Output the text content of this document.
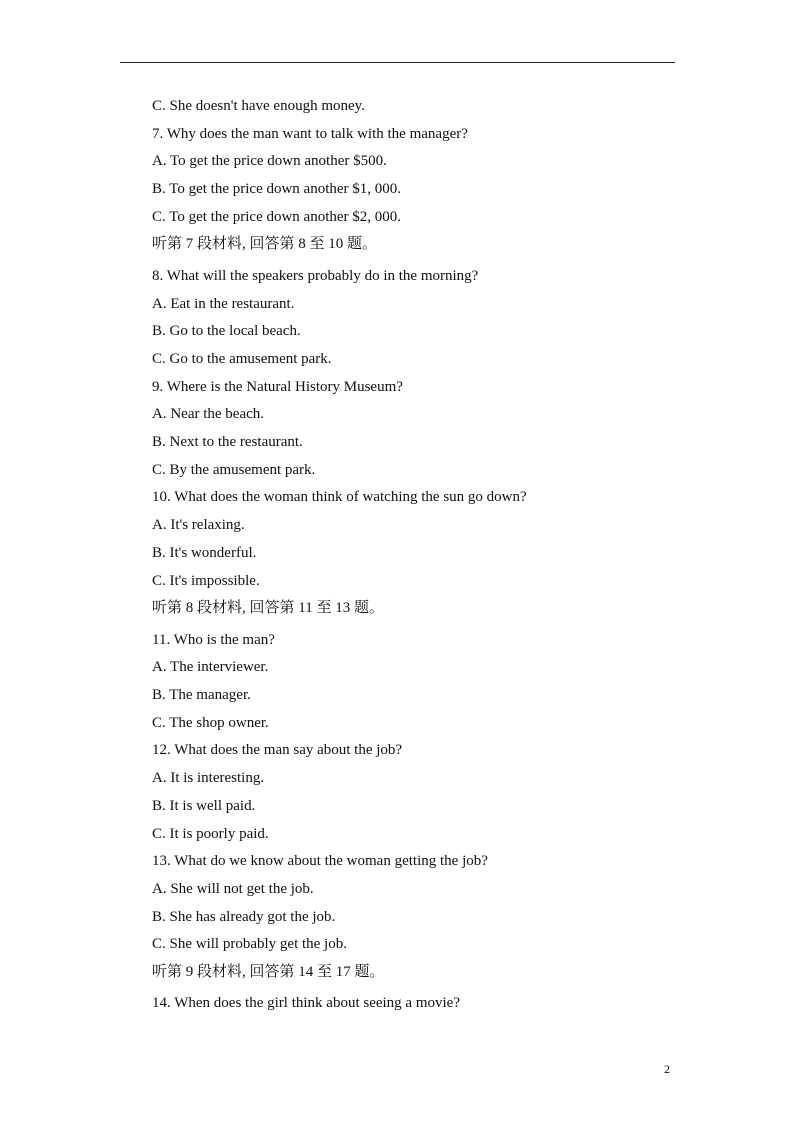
C. She doesn't have enough money.
7. Why does the man want to talk with the manager?
A. To get the price down another $500.
B. To get the price down another $1, 000.
C. To get the price down another $2, 000.
听第 7 段材料, 回答第 8 至 10 题。
8. What will the speakers probably do in the morning?
A. Eat in the restaurant.
B. Go to the local beach.
C. Go to the amusement park.
9. Where is the Natural History Museum?
A. Near the beach.
B. Next to the restaurant.
C. By the amusement park.
10. What does the woman think of watching the sun go down?
A. It's relaxing.
B. It's wonderful.
C. It's impossible.
听第 8 段材料, 回答第 11 至 13 题。
11. Who is the man?
A. The interviewer.
B. The manager.
C. The shop owner.
12. What does the man say about the job?
A. It is interesting.
B. It is well paid.
C. It is poorly paid.
13. What do we know about the woman getting the job?
A. She will not get the job.
B. She has already got the job.
C. She will probably get the job.
听第 9 段材料, 回答第 14 至 17 题。
14. When does the girl think about seeing a movie?
2
